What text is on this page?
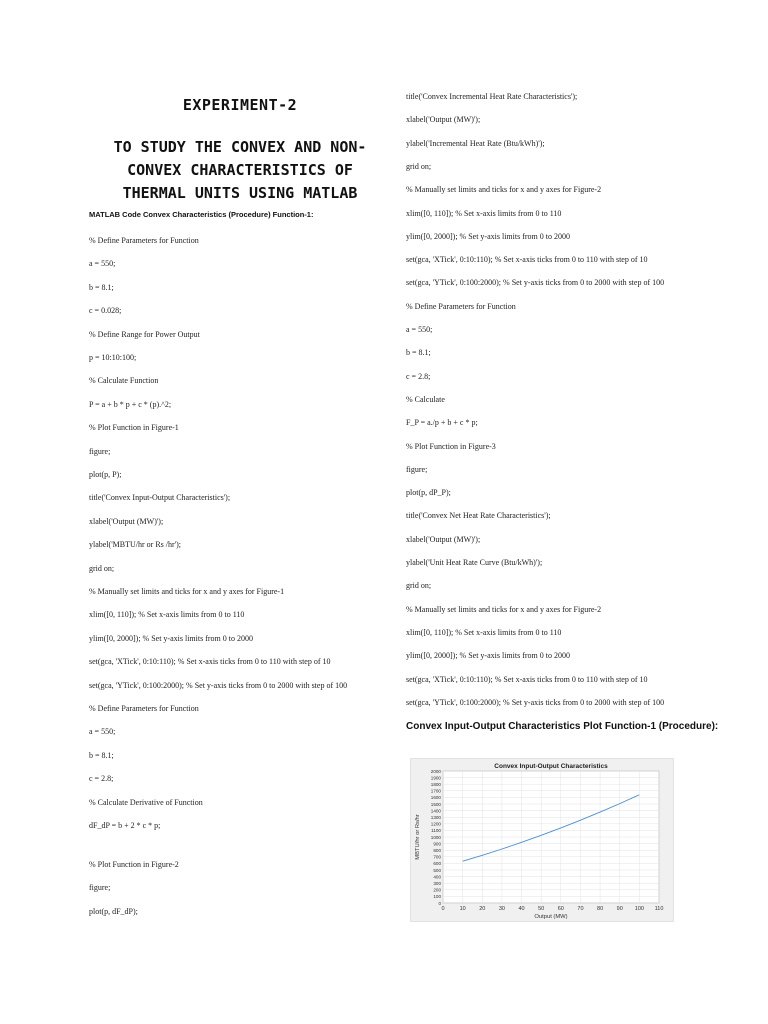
EXPERIMENT-2
TO STUDY THE CONVEX AND NON-
CONVEX CHARACTERISTICS OF
THERMAL UNITS USING MATLAB
MATLAB Code Convex Characteristics (Procedure) Function-1:
% Define Parameters for Function
a = 550;
b = 8.1;
c = 0.028;
% Define Range for Power Output
p = 10:10:100;
% Calculate Function
P = a + b * p + c * (p).^2;
% Plot Function in Figure-1
figure;
plot(p, P);
title('Convex Input-Output Characteristics');
xlabel('Output (MW)');
ylabel('MBTU/hr or Rs /hr');
grid on;
% Manually set limits and ticks for x and y axes for Figure-1
xlim([0, 110]); % Set x-axis limits from 0 to 110
ylim([0, 2000]); % Set y-axis limits from 0 to 2000
set(gca, 'XTick', 0:10:110); % Set x-axis ticks from 0 to 110 with step of 10
set(gca, 'YTick', 0:100:2000); % Set y-axis ticks from 0 to 2000 with step of 100
% Define Parameters for Function
a = 550;
b = 8.1;
c = 2.8;
% Calculate Derivative of Function
dF_dP = b + 2 * c * p;
% Plot Function in Figure-2
figure;
plot(p, dF_dP);
title('Convex Incremental Heat Rate Characteristics');
xlabel('Output (MW)');
ylabel('Incremental Heat Rate (Btu/kWh)');
grid on;
% Manually set limits and ticks for x and y axes for Figure-2
xlim([0, 110]); % Set x-axis limits from 0 to 110
ylim([0, 2000]); % Set y-axis limits from 0 to 2000
set(gca, 'XTick', 0:10:110); % Set x-axis ticks from 0 to 110 with step of 10
set(gca, 'YTick', 0:100:2000); % Set y-axis ticks from 0 to 2000 with step of 100
% Define Parameters for Function
a = 550;
b = 8.1;
c = 2.8;
% Calculate
F_P = a./p + b + c * p;
% Plot Function in Figure-3
figure;
plot(p, dP_P);
title('Convex Net Heat Rate Characteristics');
xlabel('Output (MW)');
ylabel('Unit Heat Rate Curve (Btu/kWh)');
grid on;
% Manually set limits and ticks for x and y axes for Figure-2
xlim([0, 110]); % Set x-axis limits from 0 to 110
ylim([0, 2000]); % Set y-axis limits from 0 to 2000
set(gca, 'XTick', 0:10:110); % Set x-axis ticks from 0 to 110 with step of 10
set(gca, 'YTick', 0:100:2000); % Set y-axis ticks from 0 to 2000 with step of 100
Convex Input-Output Characteristics Plot Function-1 (Procedure):
0	10 20 30 40 50 60 70 80 90 100 110
0
100
200
300
400
500
600
700
800
900
1000
1100
1200
1300
1400
1500
1600
1700
1800
1900
2000
Convex Input-Output Characteristics
Output (MW)
MBTU/hr or Rs/hr
